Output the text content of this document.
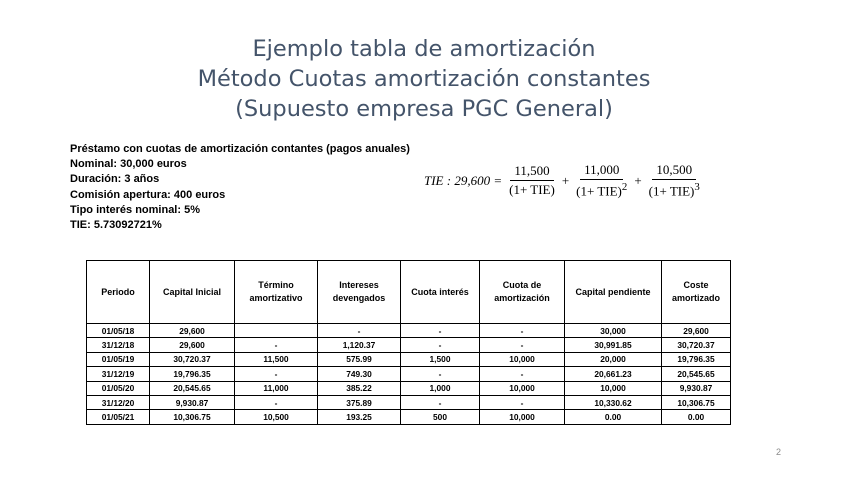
Ejemplo tabla de amortización
Método Cuotas amortización constantes
(Supuesto empresa PGC General)
Préstamo con cuotas de amortización contantes (pagos anuales)
Nominal: 30,000 euros
Duración: 3 años
Comisión apertura: 400 euros
Tipo interés nominal: 5%
TIE: 5.73092721%
TIE : $29,600 = \frac{11,500}{\text{(1+ TIE)}} + \frac{11,000}{(1+ TIE)^2} + \frac{10,500}{(1+ TIE)^3}$
Periodo	Capital Inicial	Término amortizativo	Intereses devengados	Cuota interés	Cuota de amortización	Capital pendiente	Coste amortizado
01/05/18	29,600		-	-	-	30,000	29,600
31/12/18	29,600	-	1,120.37	-	-	30,991.85	30,720.37
01/05/19	30,720.37	11,500	575.99	1,500	10,000	20,000	19,796.35
31/12/19	19,796.35	-	749.30	-	-	20,661.23	20,545.65
01/05/20	20,545.65	11,000	385.22	1,000	10,000	10,000	9,930.87
31/12/20	9,930.87	-	375.89	-	-	10,330.62	10,306.75
01/05/21	10,306.75	10,500	193.25	500	10,000	0.00	0.00
2
